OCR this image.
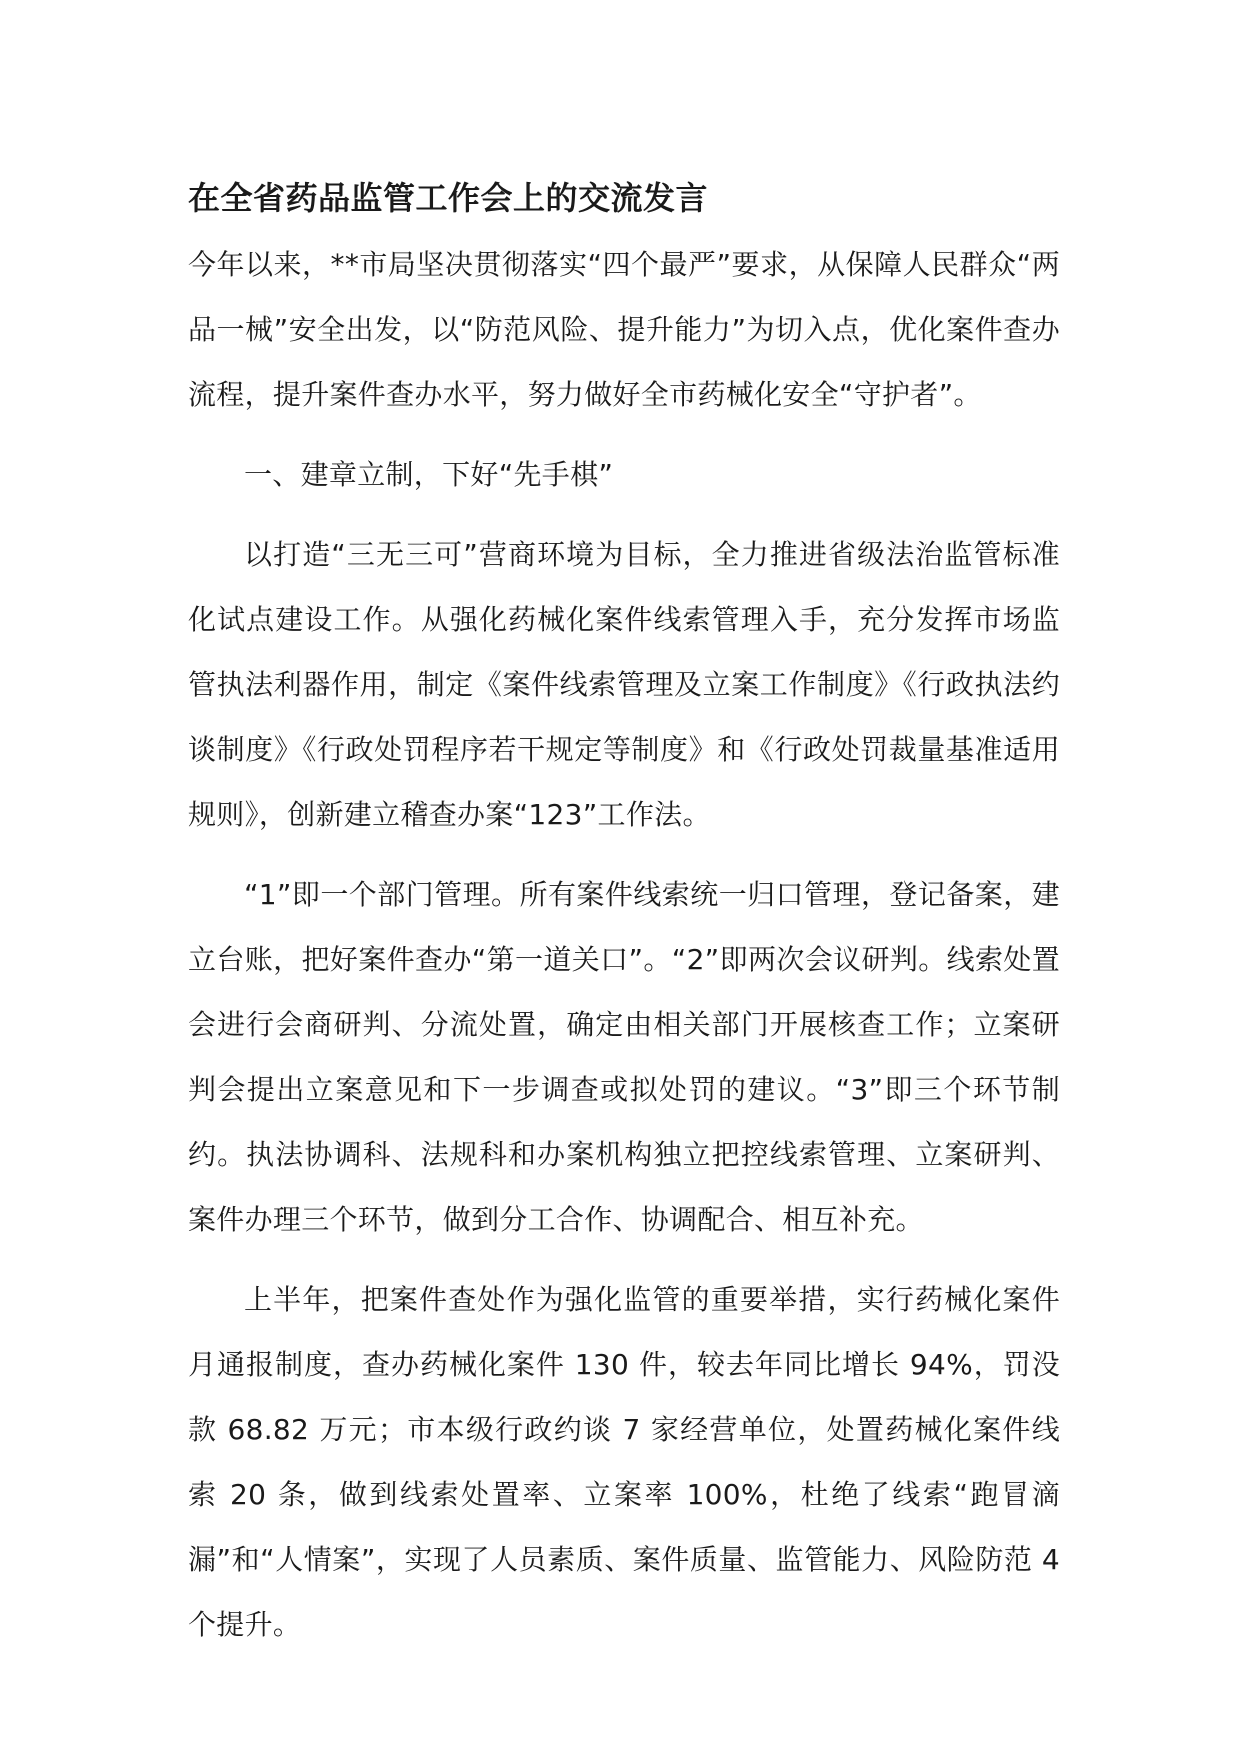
在全省药品监管工作会上的交流发言

今年以来，**市局坚决贯彻落实“四个最严”要求，从保障人民群众“两品一械”安全出发，以“防范风险、提升能力”为切入点，优化案件查办流程，提升案件查办水平，努力做好全市药械化安全“守护者”。

一、建章立制，下好“先手棋”

以打造“三无三可”营商环境为目标，全力推进省级法治监管标准化试点建设工作。从强化药械化案件线索管理入手，充分发挥市场监管执法利器作用，制定《案件线索管理及立案工作制度》《行政执法约谈制度》《行政处罚程序若干规定等制度》和《行政处罚裁量基准适用规则》，创新建立稽查办案“123”工作法。

“1”即一个部门管理。所有案件线索统一归口管理，登记备案，建立台账，把好案件查办“第一道关口”。“2”即两次会议研判。线索处置会进行会商研判、分流处置，确定由相关部门开展核查工作；立案研判会提出立案意见和下一步调查或拟处罚的建议。“3”即三个环节制约。执法协调科、法规科和办案机构独立把控线索管理、立案研判、案件办理三个环节，做到分工合作、协调配合、相互补充。

上半年，把案件查处作为强化监管的重要举措，实行药械化案件月通报制度，查办药械化案件 130 件，较去年同比增长 94%，罚没款 68.82 万元；市本级行政约谈 7 家经营单位，处置药械化案件线索 20 条，做到线索处置率、立案率 100%，杜绝了线索“跑冒滴漏”和“人情案”，实现了人员素质、案件质量、监管能力、风险防范 4 个提升。
